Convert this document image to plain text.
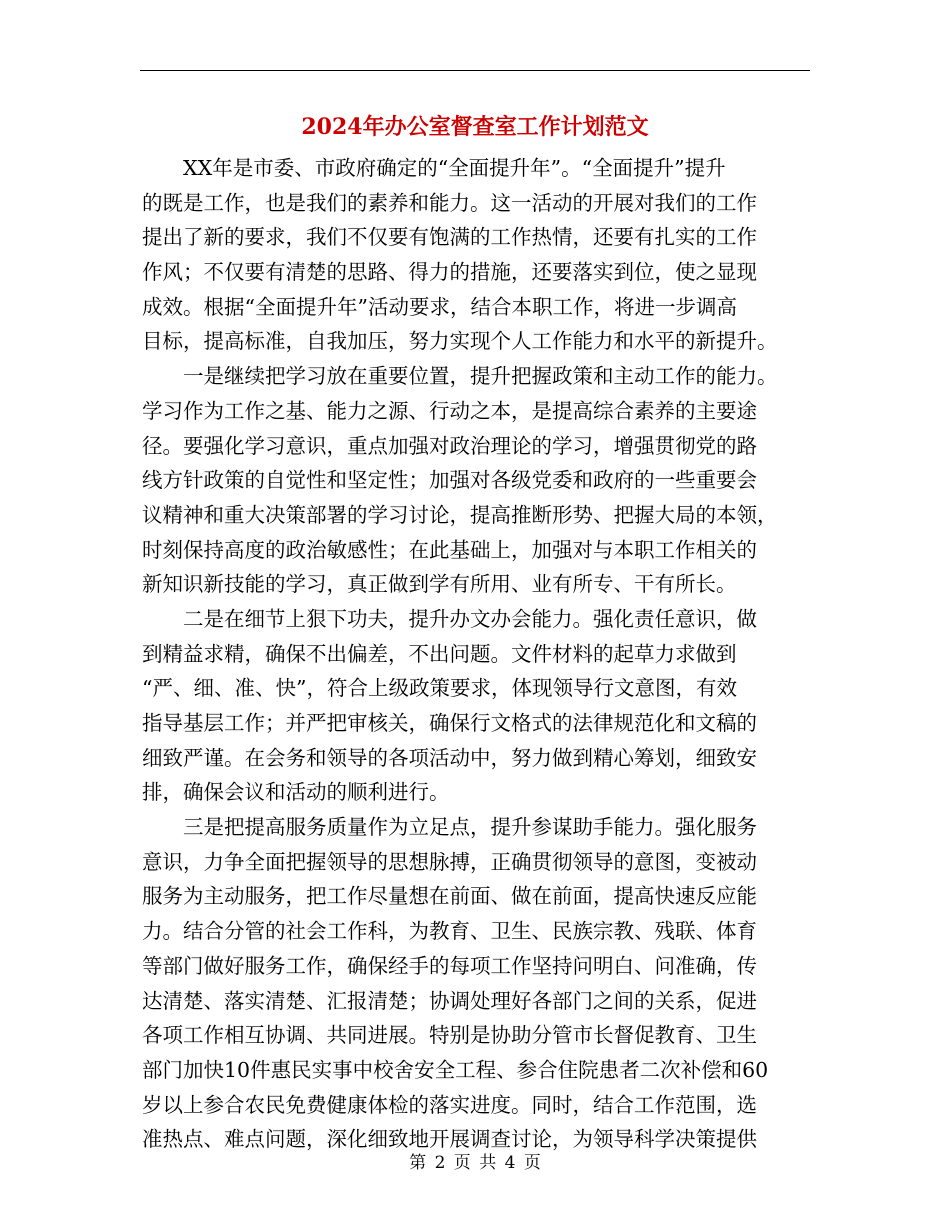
2024年办公室督查室工作计划范文
XX年是市委、市政府确定的“全面提升年”。“全面提升”提升
的既是工作，也是我们的素养和能力。这一活动的开展对我们的工作
提出了新的要求，我们不仅要有饱满的工作热情，还要有扎实的工作
作风；不仅要有清楚的思路、得力的措施，还要落实到位，使之显现
成效。根据“全面提升年”活动要求，结合本职工作，将进一步调高
目标，提高标准，自我加压，努力实现个人工作能力和水平的新提升。
一是继续把学习放在重要位置，提升把握政策和主动工作的能力。
学习作为工作之基、能力之源、行动之本，是提高综合素养的主要途
径。要强化学习意识，重点加强对政治理论的学习，增强贯彻党的路
线方针政策的自觉性和坚定性；加强对各级党委和政府的一些重要会
议精神和重大决策部署的学习讨论，提高推断形势、把握大局的本领，
时刻保持高度的政治敏感性；在此基础上，加强对与本职工作相关的
新知识新技能的学习，真正做到学有所用、业有所专、干有所长。
二是在细节上狠下功夫，提升办文办会能力。强化责任意识，做
到精益求精，确保不出偏差，不出问题。文件材料的起草力求做到
“严、细、准、快”，符合上级政策要求，体现领导行文意图，有效
指导基层工作；并严把审核关，确保行文格式的法律规范化和文稿的
细致严谨。在会务和领导的各项活动中，努力做到精心筹划，细致安
排，确保会议和活动的顺利进行。
三是把提高服务质量作为立足点，提升参谋助手能力。强化服务
意识，力争全面把握领导的思想脉搏，正确贯彻领导的意图，变被动
服务为主动服务，把工作尽量想在前面、做在前面，提高快速反应能
力。结合分管的社会工作科，为教育、卫生、民族宗教、残联、体育
等部门做好服务工作，确保经手的每项工作坚持问明白、问准确，传
达清楚、落实清楚、汇报清楚；协调处理好各部门之间的关系，促进
各项工作相互协调、共同进展。特别是协助分管市长督促教育、卫生
部门加快10件惠民实事中校舍安全工程、参合住院患者二次补偿和60
岁以上参合农民免费健康体检的落实进度。同时，结合工作范围，选
准热点、难点问题，深化细致地开展调查讨论，为领导科学决策提供
第 2 页 共 4 页
